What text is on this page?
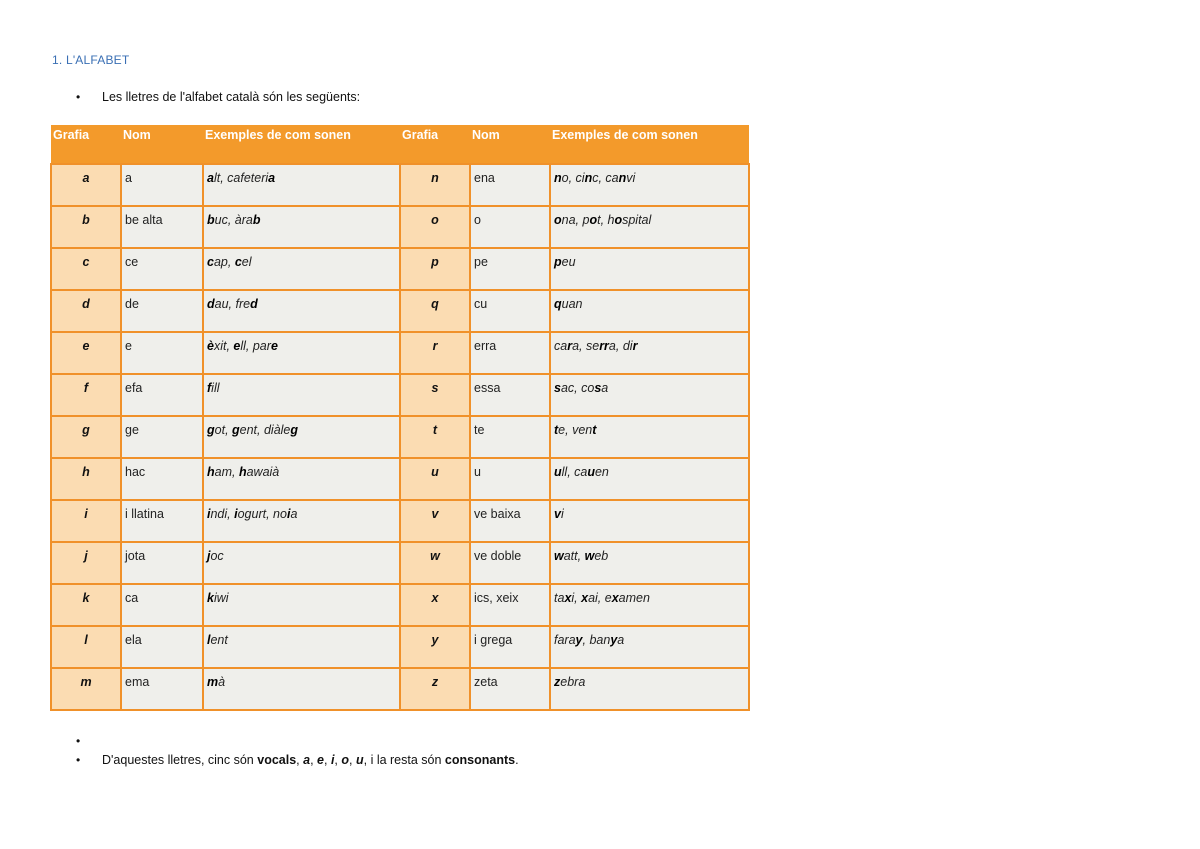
1. L'ALFABET
• Les lletres de l'alfabet català són les següents:
Grafia	Nom	Exemples de com sonen	Grafia	Nom	Exemples de com sonen
a	a	alt, cafeteria	n	ena	no, cinc, canvi
b	be alta	buc, àrab	o	o	ona, pot, hospital
c	ce	cap, cel	p	pe	peu
d	de	dau, fred	q	cu	quan
e	e	èxit, ell, pare	r	erra	cara, serra, dir
f	efa	fill	s	essa	sac, cosa
g	ge	got, gent, diàleg	t	te	te, vent
h	hac	ham, hawaià	u	u	ull, cauen
i	i llatina	indi, iogurt, noia	v	ve baixa	vi
j	jota	joc	w	ve doble	watt, web
k	ca	kiwi	x	ics, xeix	taxi, xai, examen
l	ela	lent	y	i grega	faray, banya
m	ema	mà	z	zeta	zebra
•
• D'aquestes lletres, cinc són vocals, a, e, i, o, u, i la resta són consonants.
